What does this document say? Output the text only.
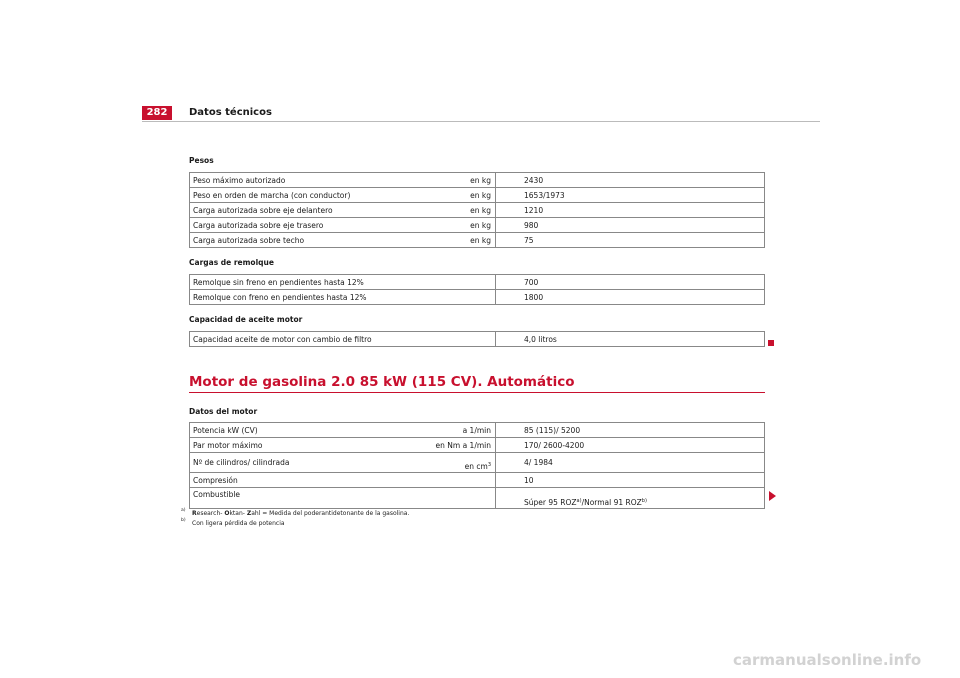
282	Datos técnicos
Pesos
Peso máximo autorizado	en kg	2430
Peso en orden de marcha (con conductor)	en kg	1653/1973
Carga autorizada sobre eje delantero	en kg	1210
Carga autorizada sobre eje trasero	en kg	980
Carga autorizada sobre techo	en kg	75
Cargas de remolque
Remolque sin freno en pendientes hasta 12%		700
Remolque con freno en pendientes hasta 12%		1800
Capacidad de aceite motor
Capacidad aceite de motor con cambio de filtro		4,0 litros
Motor de gasolina 2.0 85 kW (115 CV). Automático
Datos del motor
Potencia kW (CV)	a 1/min	85 (115)/ 5200
Par motor máximo	en Nm a 1/min	170/ 2600-4200
Nº de cilindros/ cilindrada	en $cm^3$	4/ 1984
Compresión		10
Combustible		Súper 95 ROZ$^{a)}$/Normal 91 ROZ$^{b)}$
a) Research- Oktan- Zahl = Medida del poderantidetonante de la gasolina.
b) Con ligera pérdida de potencia
carmanualsonline.info
